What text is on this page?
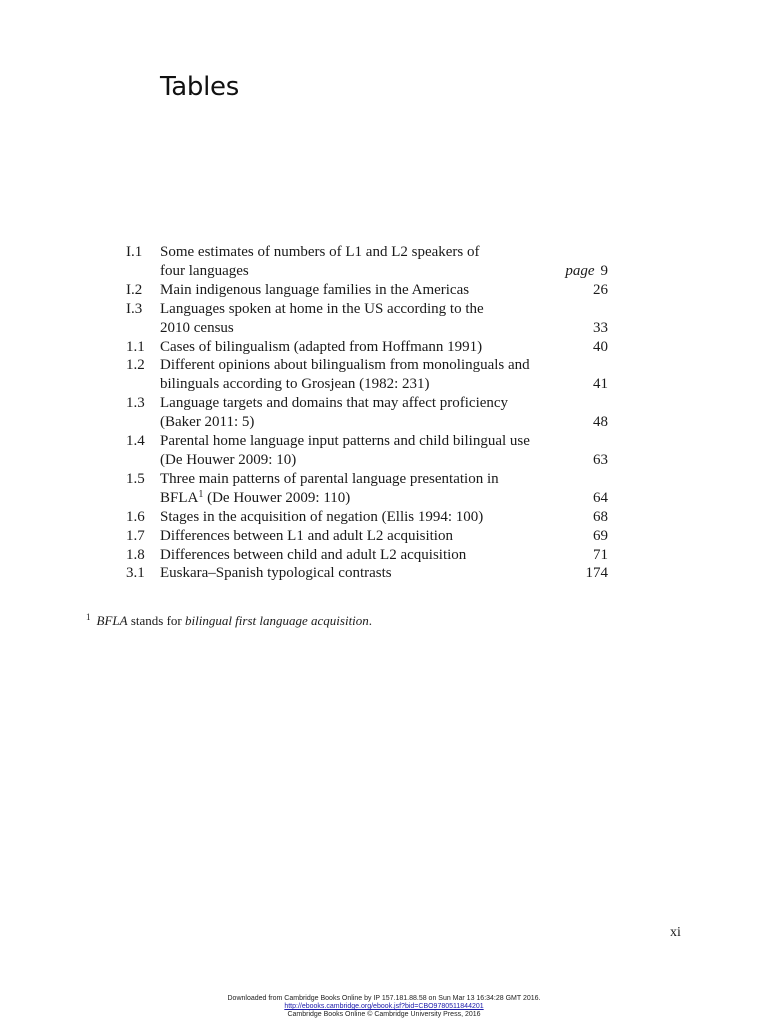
Tables
I.1	Some estimates of numbers of L1 and L2 speakers of
four languages	page 9
I.2	Main indigenous language families in the Americas	26
I.3	Languages spoken at home in the US according to the
2010 census	33
1.1	Cases of bilingualism (adapted from Hoffmann 1991)	40
1.2	Different opinions about bilingualism from monolinguals and
bilinguals according to Grosjean (1982: 231)	41
1.3	Language targets and domains that may affect proficiency
(Baker 2011: 5)	48
1.4	Parental home language input patterns and child bilingual use
(De Houwer 2009: 10)	63
1.5	Three main patterns of parental language presentation in
BFLA$^1$ (De Houwer 2009: 110)	64
1.6	Stages in the acquisition of negation (Ellis 1994: 100)	68
1.7	Differences between L1 and adult L2 acquisition	69
1.8	Differences between child and adult L2 acquisition	71
3.1	Euskara–Spanish typological contrasts	174
$^1$ BFLA stands for bilingual first language acquisition.
xi
Downloaded from Cambridge Books Online by IP 157.181.88.58 on Sun Mar 13 16:34:28 GMT 2016.
http://ebooks.cambridge.org/ebook.jsf?bid=CBO9780511844201
Cambridge Books Online © Cambridge University Press, 2016
